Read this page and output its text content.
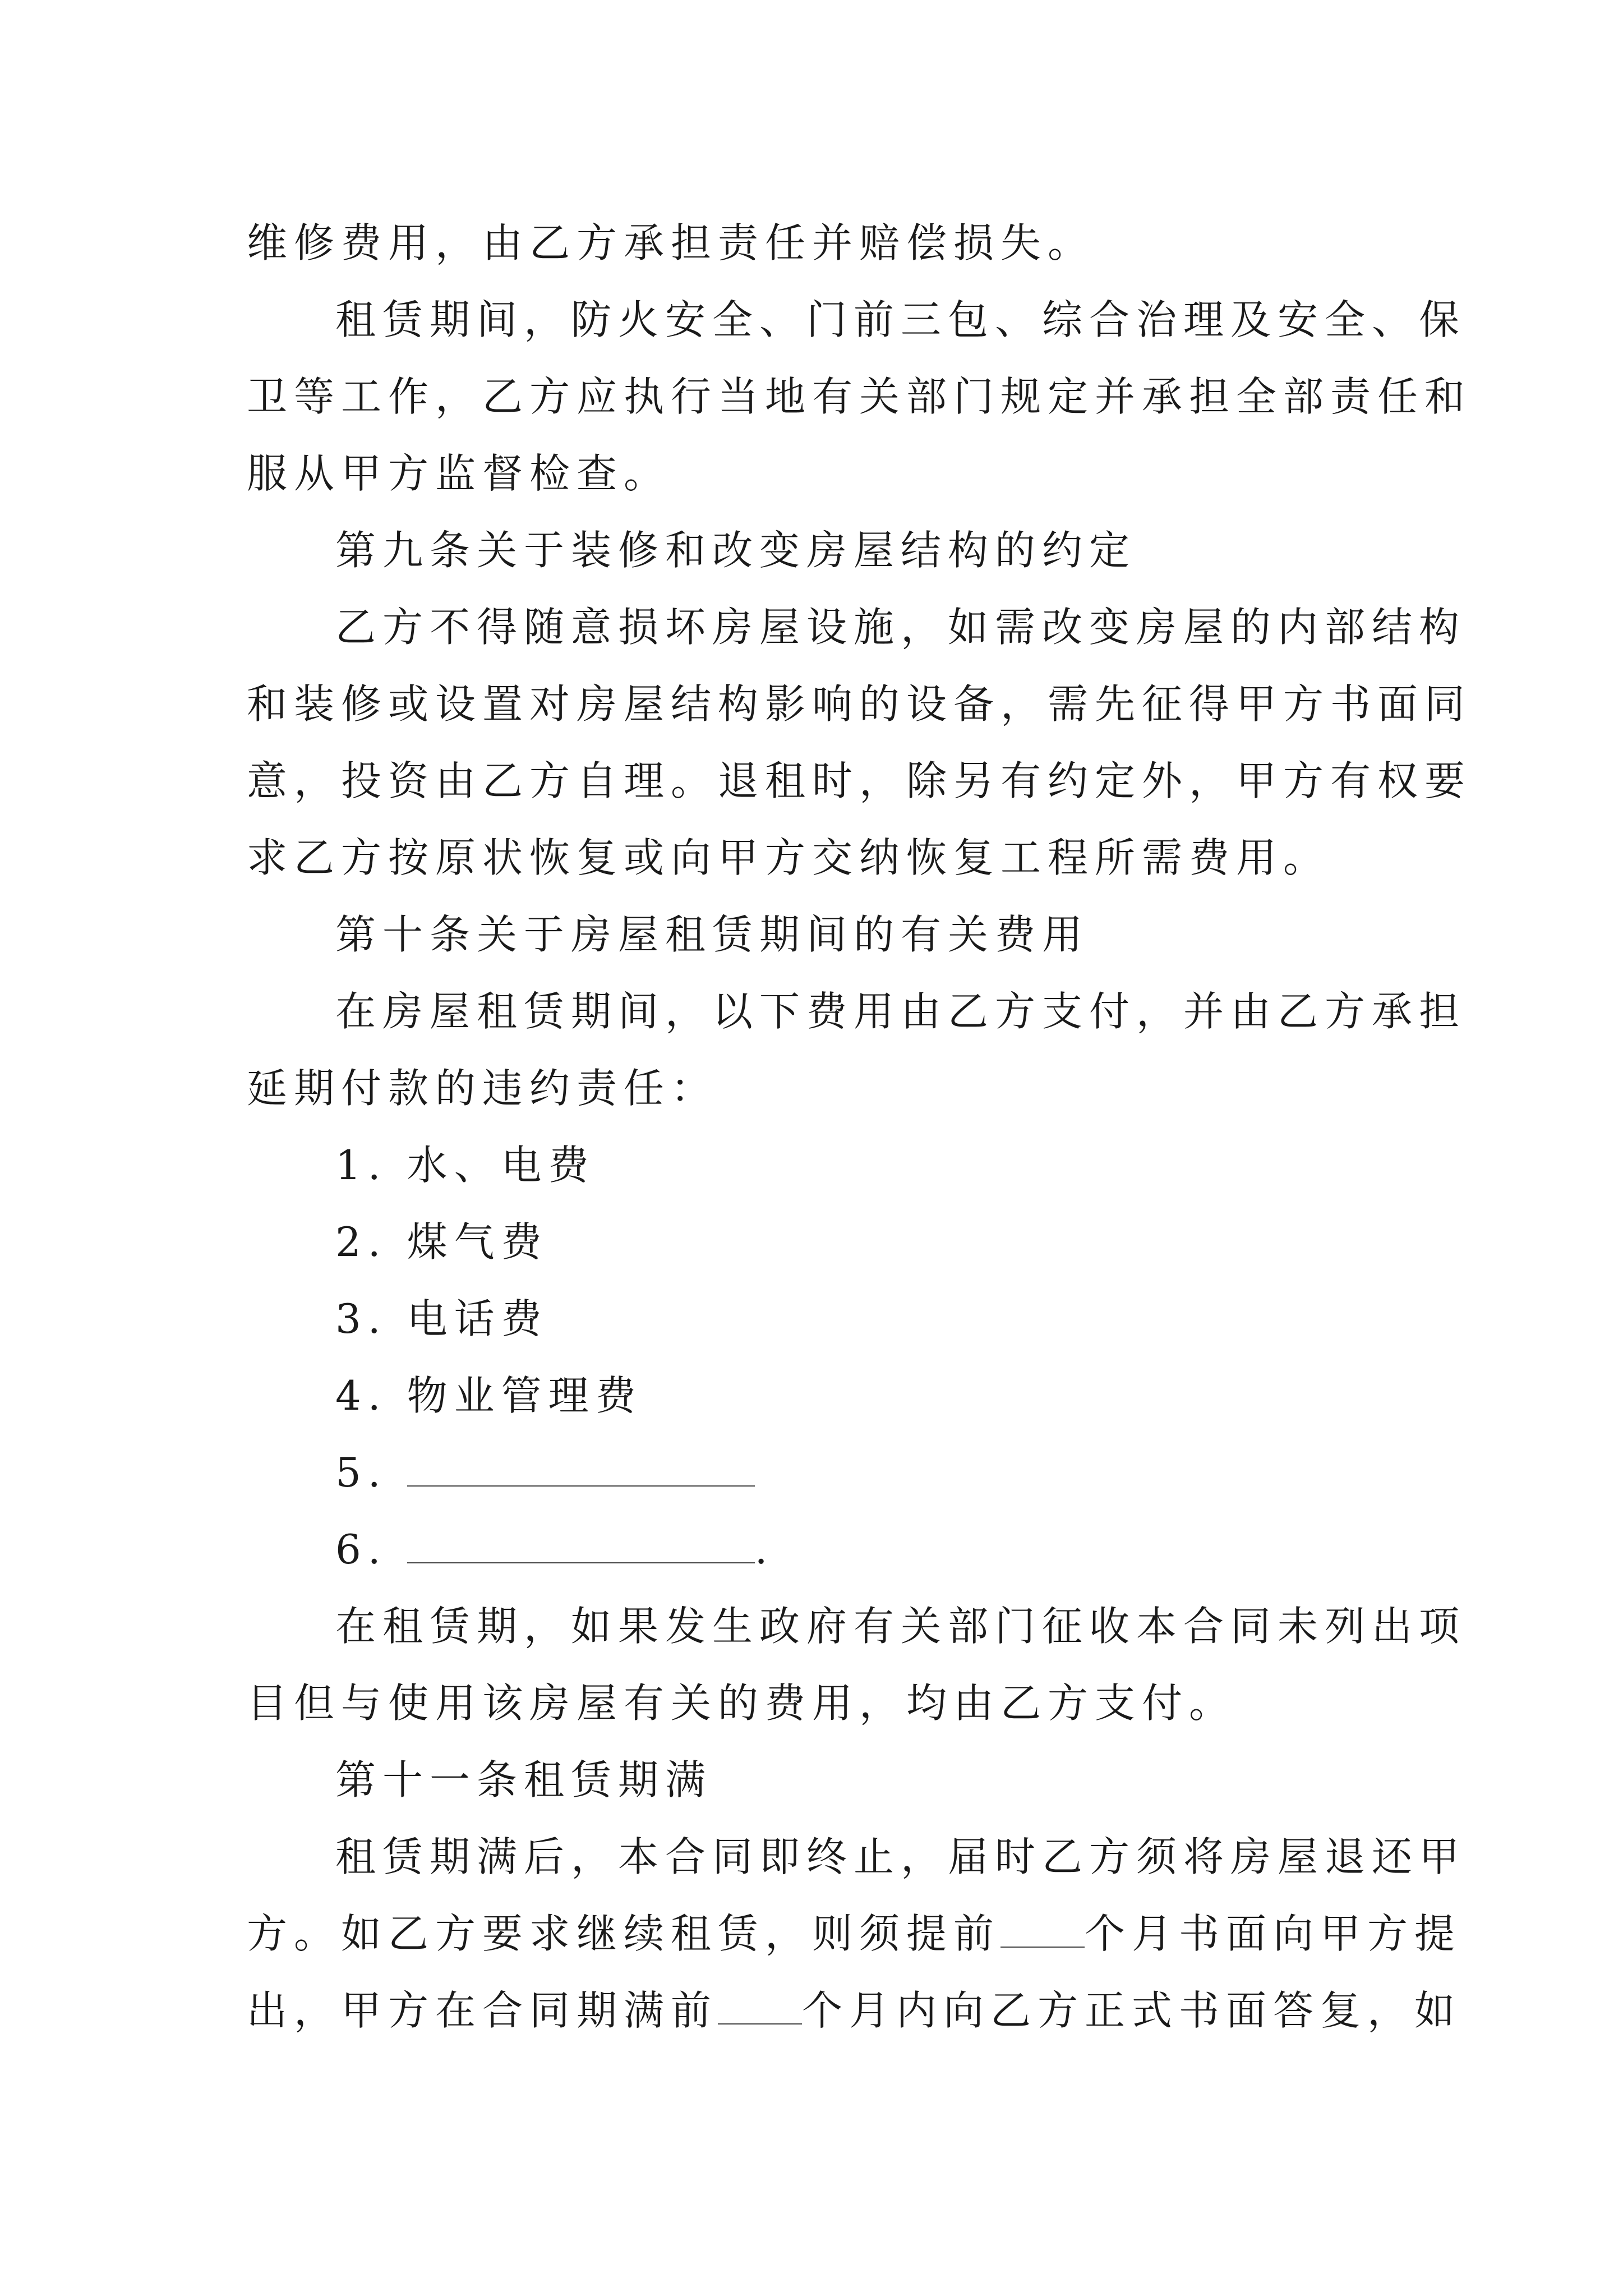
维修费用，由乙方承担责任并赔偿损失。
租赁期间，防火安全、门前三包、综合治理及安全、保
卫等工作，乙方应执行当地有关部门规定并承担全部责任和
服从甲方监督检查。
第九条关于装修和改变房屋结构的约定
乙方不得随意损坏房屋设施，如需改变房屋的内部结构
和装修或设置对房屋结构影响的设备，需先征得甲方书面同
意，投资由乙方自理。退租时，除另有约定外，甲方有权要
求乙方按原状恢复或向甲方交纳恢复工程所需费用。
第十条关于房屋租赁期间的有关费用
在房屋租赁期间，以下费用由乙方支付，并由乙方承担
延期付款的违约责任：
1. 水、电费
2. 煤气费
3. 电话费
4. 物业管理费
5.
6.	.
在租赁期，如果发生政府有关部门征收本合同未列出项
目但与使用该房屋有关的费用，均由乙方支付。
第十一条租赁期满
租赁期满后，本合同即终止，届时乙方须将房屋退还甲
方。如乙方要求继续租赁，则须提前 个月书面向甲方提
出，甲方在合同期满前 个月内向乙方正式书面答复，如
